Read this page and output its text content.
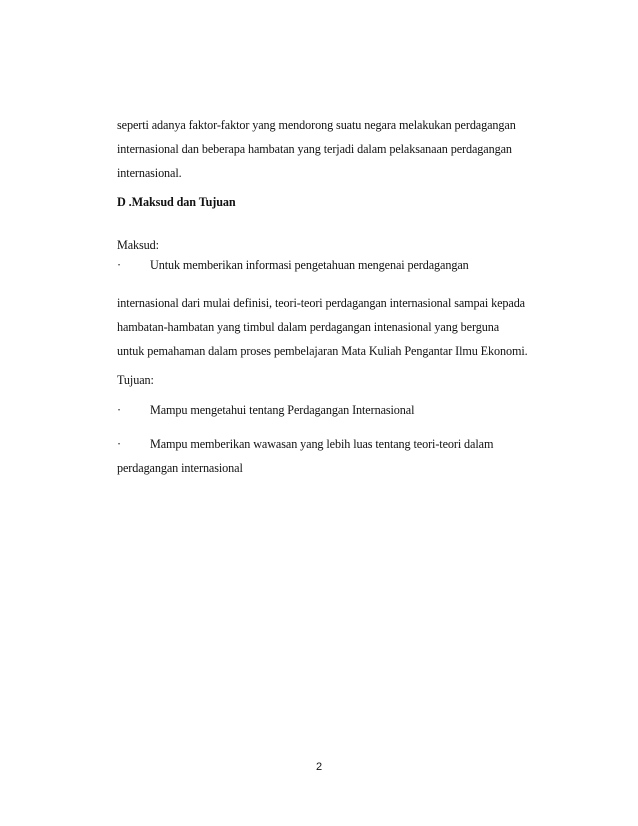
seperti adanya faktor-faktor yang mendorong suatu negara melakukan perdagangan
internasional dan beberapa hambatan yang terjadi dalam pelaksanaan perdagangan
internasional.
D .Maksud dan Tujuan
Maksud:
· Untuk memberikan informasi pengetahuan mengenai perdagangan
internasional dari mulai definisi, teori-teori perdagangan internasional sampai kepada
hambatan-hambatan yang timbul dalam perdagangan intenasional yang berguna
untuk pemahaman dalam proses pembelajaran Mata Kuliah Pengantar Ilmu Ekonomi.
Tujuan:
· Mampu mengetahui tentang Perdagangan Internasional
· Mampu memberikan wawasan yang lebih luas tentang teori-teori dalam
perdagangan internasional
2
